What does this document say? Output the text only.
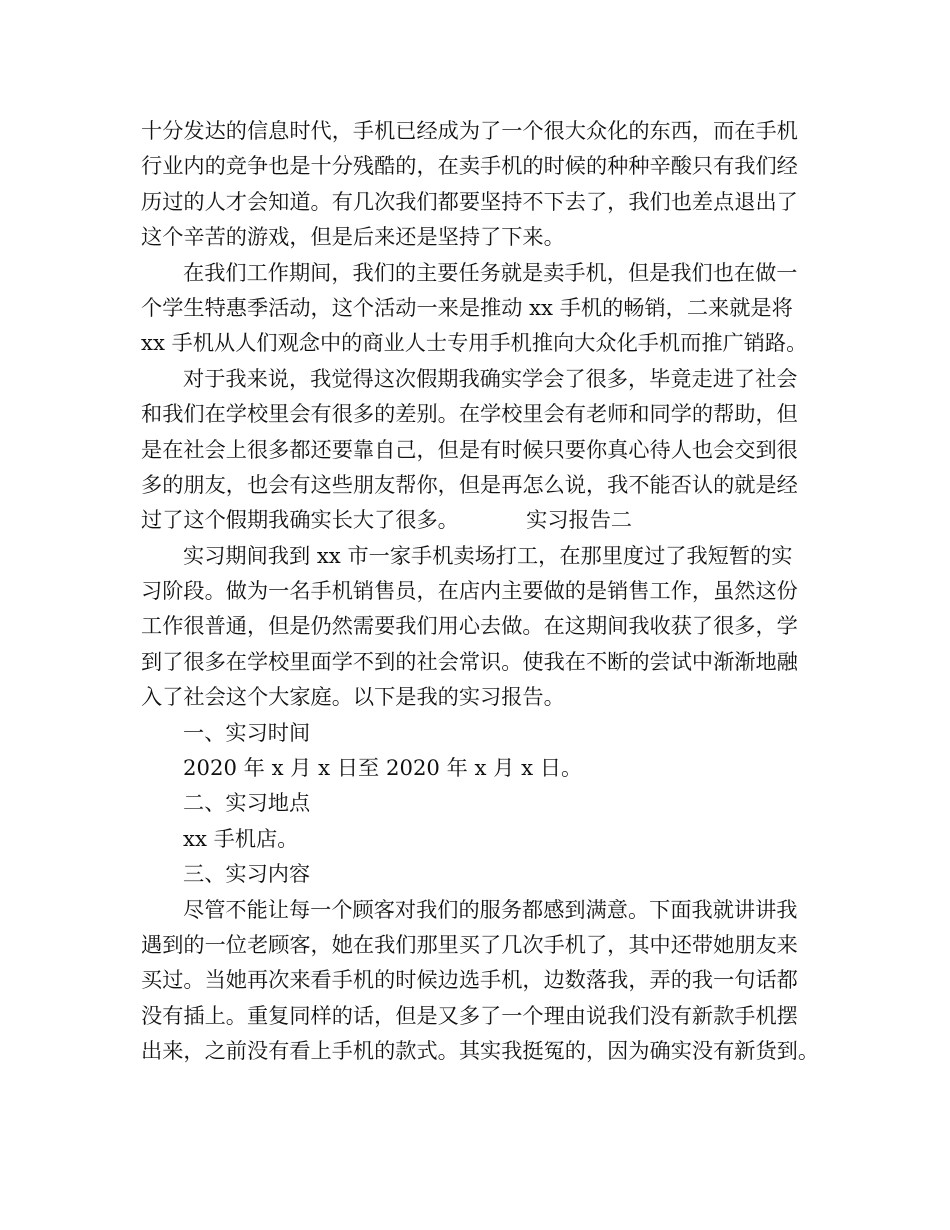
十分发达的信息时代，手机已经成为了一个很大众化的东西，而在手机

行业内的竞争也是十分残酷的，在卖手机的时候的种种辛酸只有我们经

历过的人才会知道。有几次我们都要坚持不下去了，我们也差点退出了

这个辛苦的游戏，但是后来还是坚持了下来。

在我们工作期间，我们的主要任务就是卖手机，但是我们也在做一

个学生特惠季活动，这个活动一来是推动 xx 手机的畅销，二来就是将

xx 手机从人们观念中的商业人士专用手机推向大众化手机而推广销路。

对于我来说，我觉得这次假期我确实学会了很多，毕竟走进了社会

和我们在学校里会有很多的差别。在学校里会有老师和同学的帮助，但

是在社会上很多都还要靠自己，但是有时候只要你真心待人也会交到很

多的朋友，也会有这些朋友帮你，但是再怎么说，我不能否认的就是经

过了这个假期我确实长大了很多。          实习报告二

实习期间我到 xx 市一家手机卖场打工，在那里度过了我短暂的实

习阶段。做为一名手机销售员，在店内主要做的是销售工作，虽然这份

工作很普通，但是仍然需要我们用心去做。在这期间我收获了很多，学

到了很多在学校里面学不到的社会常识。使我在不断的尝试中渐渐地融

入了社会这个大家庭。以下是我的实习报告。

一、实习时间

2020 年 x 月 x 日至 2020 年 x 月 x 日。

二、实习地点

xx 手机店。

三、实习内容

尽管不能让每一个顾客对我们的服务都感到满意。下面我就讲讲我

遇到的一位老顾客，她在我们那里买了几次手机了，其中还带她朋友来

买过。当她再次来看手机的时候边选手机，边数落我，弄的我一句话都

没有插上。重复同样的话，但是又多了一个理由说我们没有新款手机摆

出来，之前没有看上手机的款式。其实我挺冤的，因为确实没有新货到。
